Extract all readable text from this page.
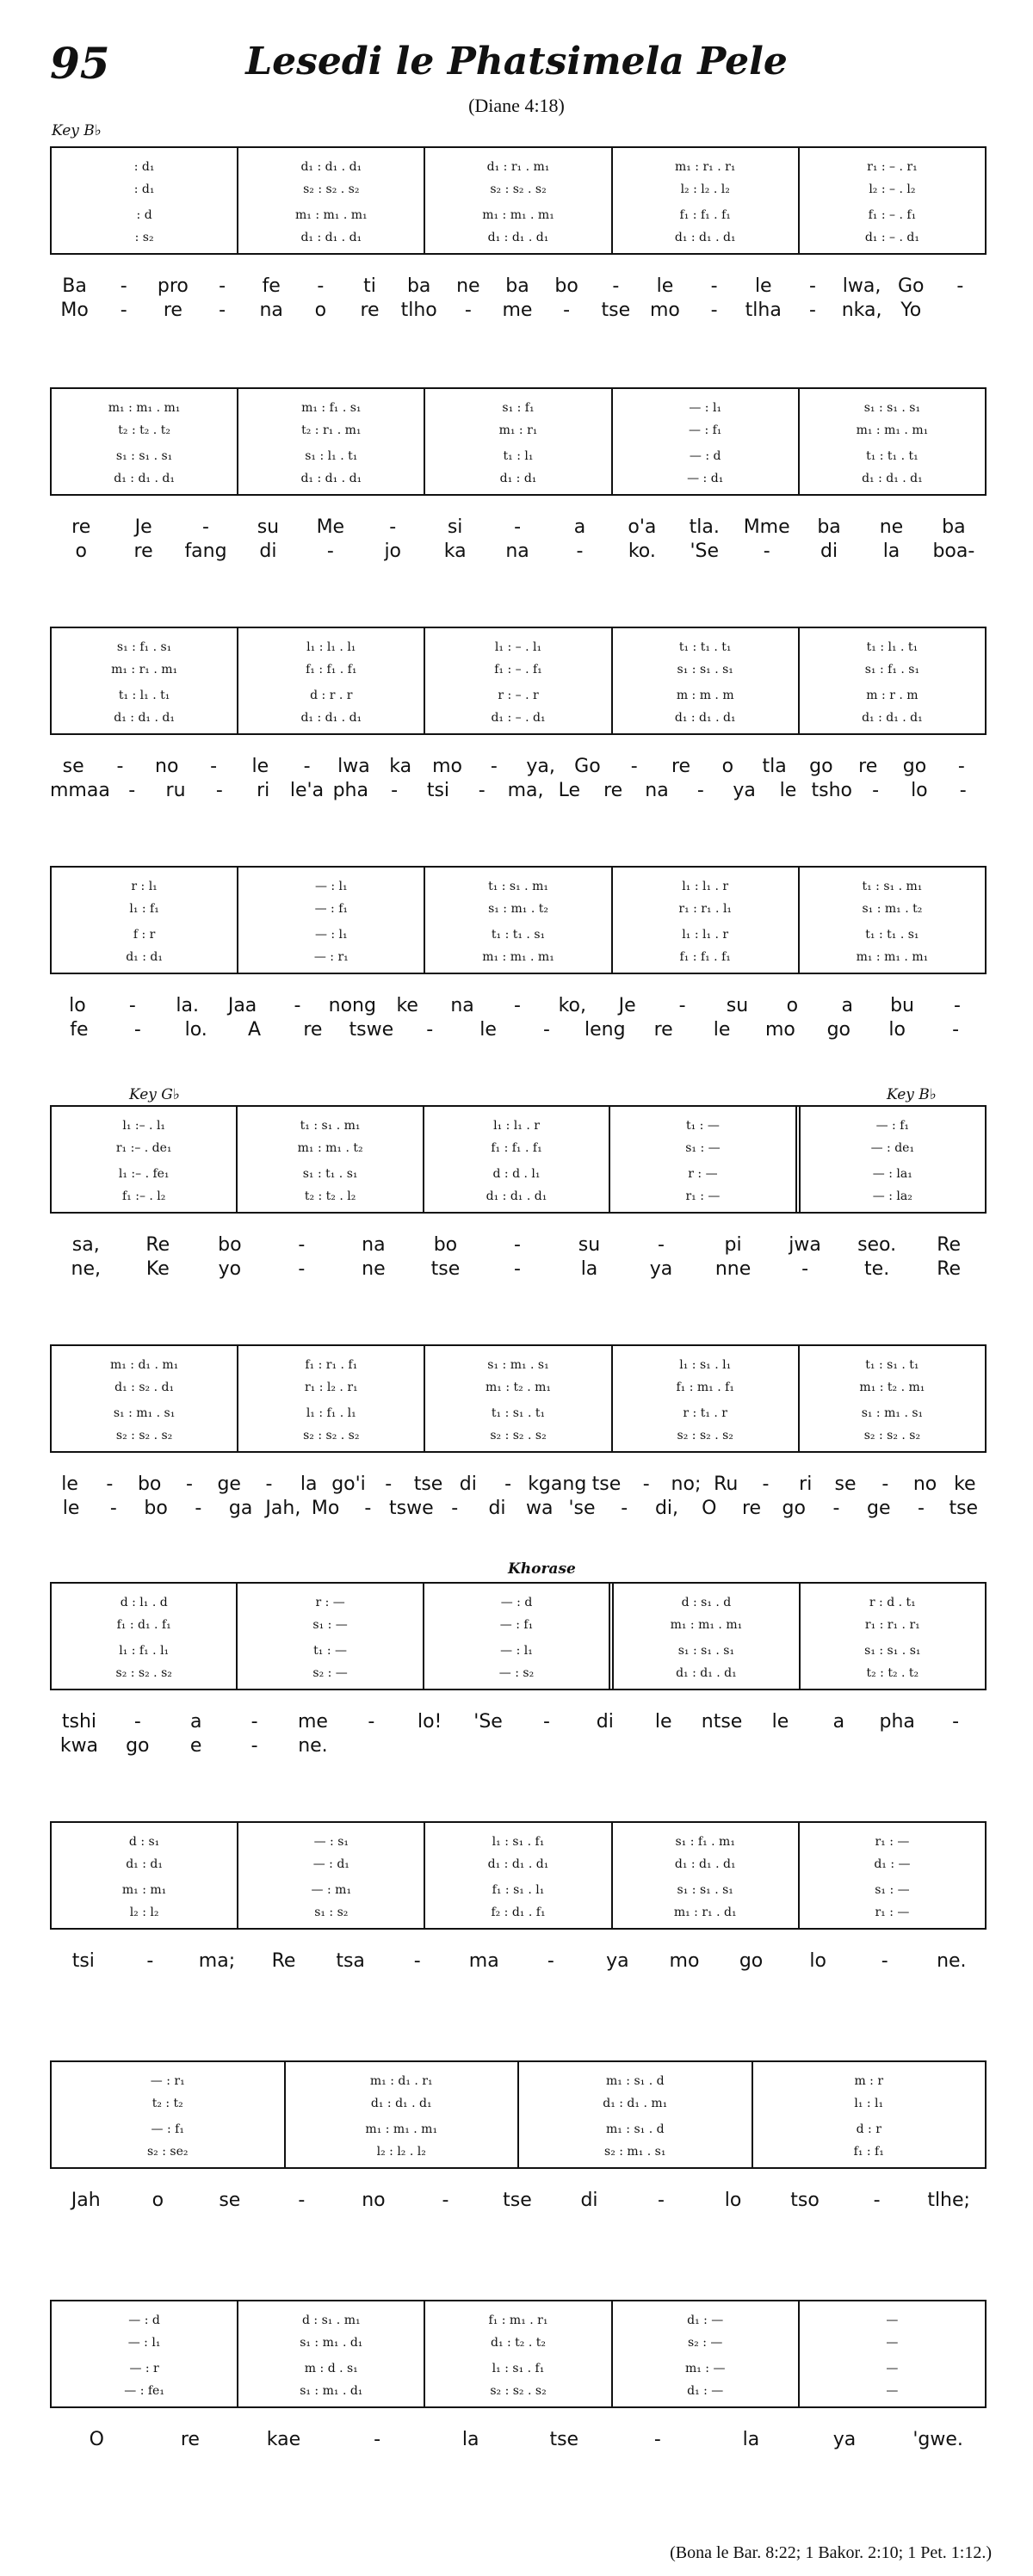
95	Lesedi le Phatsimela Pele
(Diane 4:18)
Key B♭
Key G♭	Key B♭
Khorase
: d₁
: d₁
: d
: s₂
d₁ : d₁ . d₁
s₂ : s₂ . s₂
m₁ : m₁ . m₁
d₁ : d₁ . d₁
d₁ : r₁ . m₁
s₂ : s₂ . s₂
m₁ : m₁ . m₁
d₁ : d₁ . d₁
m₁ : r₁ . r₁
l₂ : l₂ . l₂
f₁ : f₁ . f₁
d₁ : d₁ . d₁
r₁ : – . r₁
l₂ : – . l₂
f₁ : – . f₁
d₁ : – . d₁
Ba	-	pro	-	fe	-	ti	ba	ne	ba	bo	-	le	-	le	-	lwa, Go	-
Mo	-	re	-	na	o	re	tlho	-	me	-	tse	mo	-	tlha	-	nka, Yo
m₁ : m₁ . m₁
t₂ : t₂ . t₂
s₁ : s₁ . s₁
d₁ : d₁ . d₁
m₁ : f₁ . s₁
t₂ : r₁ . m₁
s₁ : l₁ . t₁
d₁ : d₁ . d₁
s₁ : f₁
m₁ : r₁
t₁ : l₁
d₁ : d₁
— : l₁
— : f₁
— : d
— : d₁
s₁ : s₁ . s₁
m₁ : m₁ . m₁
t₁ : t₁ . t₁
d₁ : d₁ . d₁
re	Je	-	su	Me	-	si	-	a	o'a	tla.	Mme	ba	ne	ba
o	re	fang	di	-	jo	ka	na	-	ko.	'Se	-	di	la	boa-
s₁ : f₁ . s₁
m₁ : r₁ . m₁
t₁ : l₁ . t₁
d₁ : d₁ . d₁
l₁ : l₁ . l₁
f₁ : f₁ . f₁
d : r . r
d₁ : d₁ . d₁
l₁ : – . l₁
f₁ : – . f₁
r : – . r
d₁ : – . d₁
t₁ : t₁ . t₁
s₁ : s₁ . s₁
m : m . m
d₁ : d₁ . d₁
t₁ : l₁ . t₁
s₁ : f₁ . s₁
m : r . m
d₁ : d₁ . d₁
se	-	no	-	le	-	lwa	ka	mo	-	ya,	Go	-	re	o	tla	go	re	go	-
mmaa -	ru	-	ri	le'a pha	-	tsi	-	ma, Le	re	na	-	ya	le tsho	-	lo	-
r : l₁
l₁ : f₁
f : r
d₁ : d₁
— : l₁
— : f₁
— : l₁
— : r₁
t₁ : s₁ . m₁
s₁ : m₁ . t₂
t₁ : t₁ . s₁
m₁ : m₁ . m₁
l₁ : l₁ . r
r₁ : r₁ . l₁
l₁ : l₁ . r
f₁ : f₁ . f₁
t₁ : s₁ . m₁
s₁ : m₁ . t₂
t₁ : t₁ . s₁
m₁ : m₁ . m₁
lo	-	la.	Jaa	-	nong	ke	na	-	ko,	Je	-	su	o	a	bu	-
fe	-	lo.	A	re	tswe	-	le	-	leng	re	le	mo	go	lo	-
l₁ :– . l₁
r₁ :– . de₁
l₁ :– . fe₁
f₁ :– . l₂
t₁ : s₁ . m₁
m₁ : m₁ . t₂
s₁ : t₁ . s₁
t₂ : t₂ . l₂
l₁ : l₁ . r
f₁ : f₁ . f₁
d : d . l₁
d₁ : d₁ . d₁
t₁ : —
s₁ : —
r : —
r₁ : —
— : f₁
— : de₁
— : la₁
— : la₂
sa,	Re	bo	-	na	bo	-	su	-	pi	jwa	seo.	Re
ne,	Ke	yo	-	ne	tse	-	la	ya	nne	-	te.	Re
m₁ : d₁ . m₁
d₁ : s₂ . d₁
s₁ : m₁ . s₁
s₂ : s₂ . s₂
f₁ : r₁ . f₁
r₁ : l₂ . r₁
l₁ : f₁ . l₁
s₂ : s₂ . s₂
s₁ : m₁ . s₁
m₁ : t₂ . m₁
t₁ : s₁ . t₁
s₂ : s₂ . s₂
l₁ : s₁ . l₁
f₁ : m₁ . f₁
r : t₁ . r
s₂ : s₂ . s₂
t₁ : s₁ . t₁
m₁ : t₂ . m₁
s₁ : m₁ . s₁
s₂ : s₂ . s₂
le	-	bo	-	ge	-	la go'i	-	tse di	- kgang tse	-	no; Ru	-	ri	se	-	no ke
le	-	bo	-	ga Jah, Mo	- tswe -	di	wa 'se	-	di,	O	re	go	-	ge	-	tse
d : l₁ . d
f₁ : d₁ . f₁
l₁ : f₁ . l₁
s₂ : s₂ . s₂
r : —
s₁ : —
t₁ : —
s₂ : —
— : d
— : f₁
— : l₁
— : s₂
d : s₁ . d
m₁ : m₁ . m₁
s₁ : s₁ . s₁
d₁ : d₁ . d₁
r : d . t₁
r₁ : r₁ . r₁
s₁ : s₁ . s₁
t₂ : t₂ . t₂
tshi	-	a	-	me	-	lo!	'Se	-	di	le	ntse	le	a	pha	-
kwa	go	e	-	ne.
d : s₁
d₁ : d₁
m₁ : m₁
l₂ : l₂
— : s₁
— : d₁
— : m₁
s₁ : s₂
l₁ : s₁ . f₁
d₁ : d₁ . d₁
f₁ : s₁ . l₁
f₂ : d₁ . f₁
s₁ : f₁ . m₁
d₁ : d₁ . d₁
s₁ : s₁ . s₁
m₁ : r₁ . d₁
r₁ : —
d₁ : —
s₁ : —
r₁ : —
tsi	-	ma;	Re	tsa	-	ma	-	ya	mo	go	lo	-	ne.
— : r₁
t₂ : t₂
— : f₁
s₂ : se₂
m₁ : d₁ . r₁
d₁ : d₁ . d₁
m₁ : m₁ . m₁
l₂ : l₂ . l₂
m₁ : s₁ . d
d₁ : d₁ . m₁
m₁ : s₁ . d
s₂ : m₁ . s₁
m : r
l₁ : l₁
d : r
f₁ : f₁
Jah	o	se	-	no	-	tse	di	-	lo	tso	-	tlhe;
— : d
— : l₁
— : r
— : fe₁
d : s₁ . m₁
s₁ : m₁ . d₁
m : d . s₁
s₁ : m₁ . d₁
f₁ : m₁ . r₁
d₁ : t₂ . t₂
l₁ : s₁ . f₁
s₂ : s₂ . s₂
d₁ : —
s₂ : —
m₁ : —
d₁ : —
—
—
—
—
O	re	kae	-	la	tse	-	la	ya	'gwe.
(Bona le Bar. 8:22; 1 Bakor. 2:10; 1 Pet. 1:12.)
